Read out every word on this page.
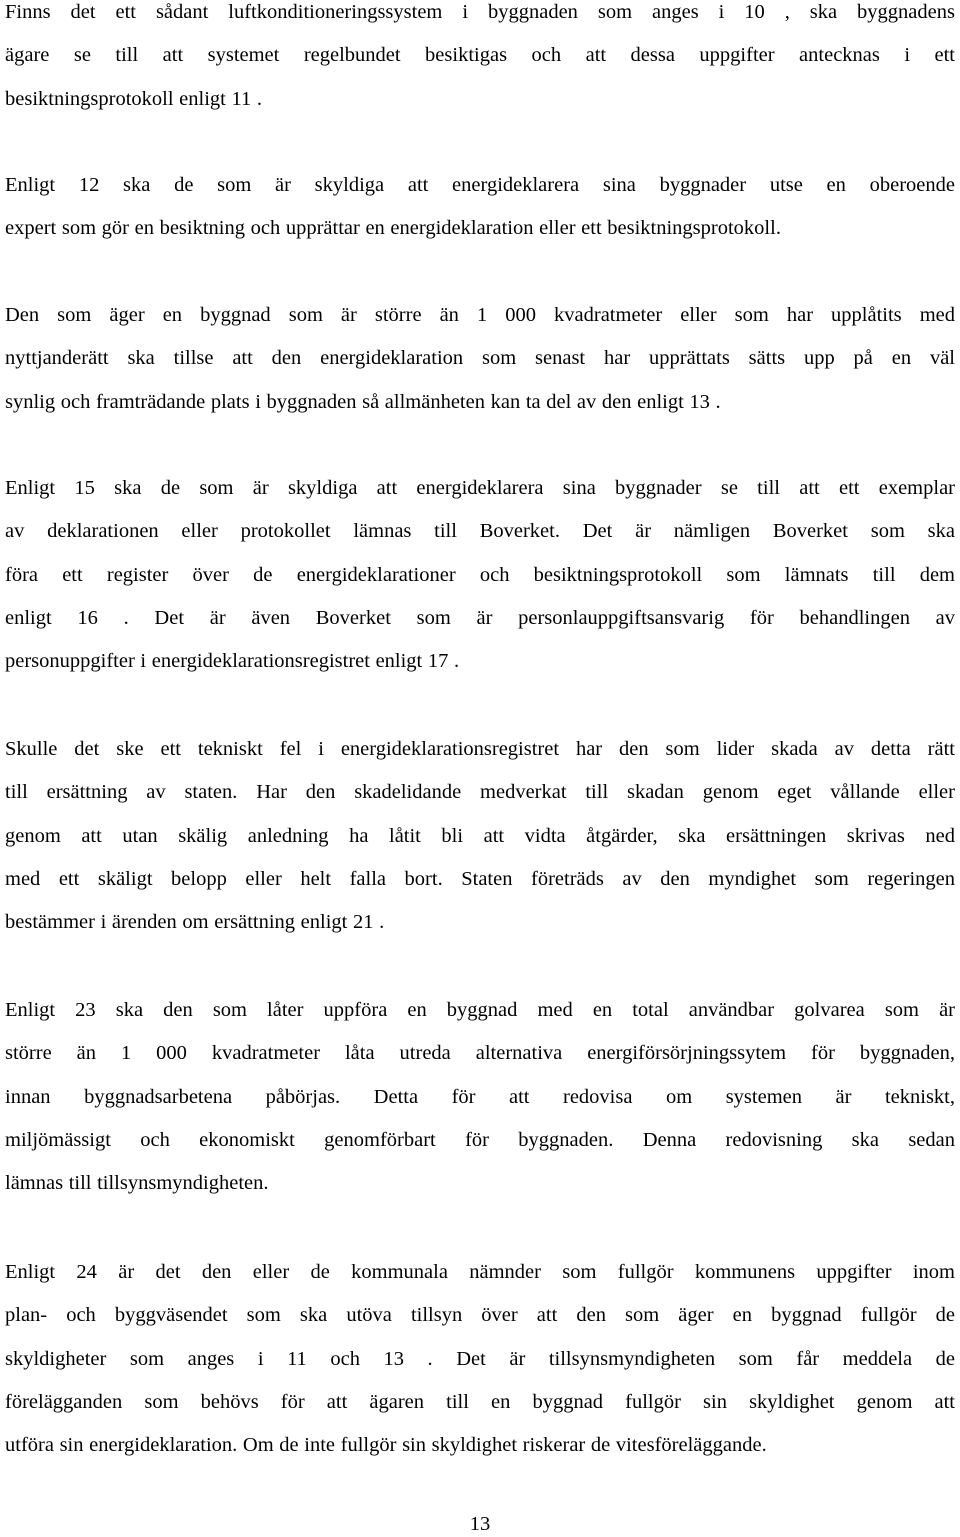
Finns det ett sådant luftkonditioneringssystem i byggnaden som anges i 10 , ska byggnadens
ägare se till att systemet regelbundet besiktigas och att dessa uppgifter antecknas i ett
besiktningsprotokoll enligt 11 .

Enligt 12 ska de som är skyldiga att energideklarera sina byggnader utse en oberoende
expert som gör en besiktning och upprättar en energideklaration eller ett besiktningsprotokoll.

Den som äger en byggnad som är större än 1 000 kvadratmeter eller som har upplåtits med
nyttjanderätt ska tillse att den energideklaration som senast har upprättats sätts upp på en väl
synlig och framträdande plats i byggnaden så allmänheten kan ta del av den enligt 13 .

Enligt 15 ska de som är skyldiga att energideklarera sina byggnader se till att ett exemplar
av deklarationen eller protokollet lämnas till Boverket. Det är nämligen Boverket som ska
föra ett register över de energideklarationer och besiktningsprotokoll som lämnats till dem
enligt 16 . Det är även Boverket som är personlauppgiftsansvarig för behandlingen av
personuppgifter i energideklarationsregistret enligt 17 .

Skulle det ske ett tekniskt fel i energideklarationsregistret har den som lider skada av detta rätt
till ersättning av staten. Har den skadelidande medverkat till skadan genom eget vållande eller
genom att utan skälig anledning ha låtit bli att vidta åtgärder, ska ersättningen skrivas ned
med ett skäligt belopp eller helt falla bort. Staten företräds av den myndighet som regeringen
bestämmer i ärenden om ersättning enligt 21 .

Enligt 23 ska den som låter uppföra en byggnad med en total användbar golvarea som är
större än 1 000 kvadratmeter låta utreda alternativa energiförsörjningssytem för byggnaden,
innan byggnadsarbetena påbörjas. Detta för att redovisa om systemen är tekniskt,
miljömässigt och ekonomiskt genomförbart för byggnaden. Denna redovisning ska sedan
lämnas till tillsynsmyndigheten.

Enligt 24 är det den eller de kommunala nämnder som fullgör kommunens uppgifter inom
plan- och byggväsendet som ska utöva tillsyn över att den som äger en byggnad fullgör de
skyldigheter som anges i 11 och 13 . Det är tillsynsmyndigheten som får meddela de
förelägganden som behövs för att ägaren till en byggnad fullgör sin skyldighet genom att
utföra sin energideklaration. Om de inte fullgör sin skyldighet riskerar de vitesföreläggande.

13
